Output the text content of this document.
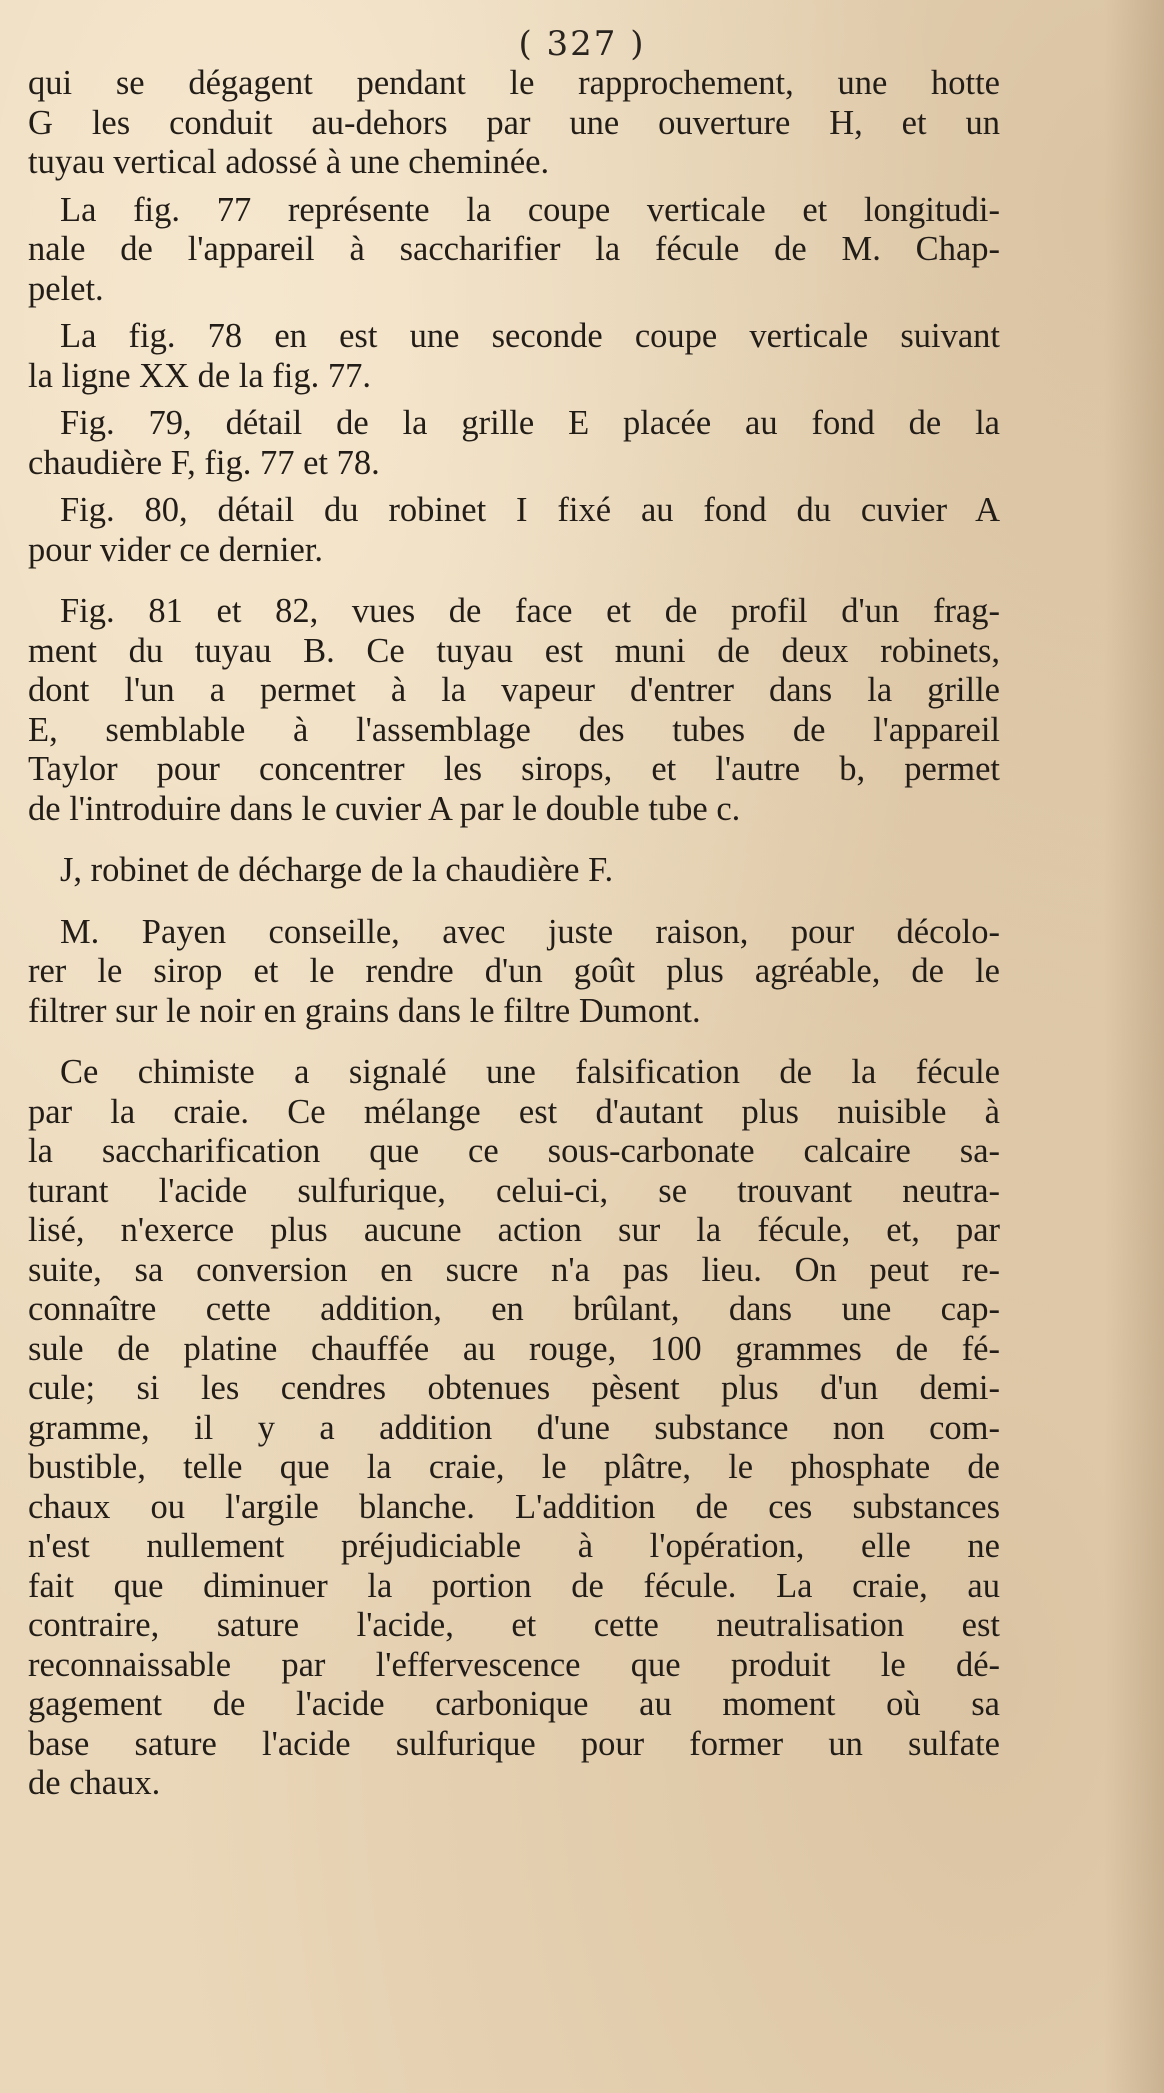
( 327 )

qui se dégagent pendant le rapprochement, une hotte
G les conduit au-dehors par une ouverture H, et un
tuyau vertical adossé à une cheminée.

La fig. 77 représente la coupe verticale et longitudi-
nale de l'appareil à saccharifier la fécule de M. Chap-
pelet.

La fig. 78 en est une seconde coupe verticale suivant
la ligne XX de la fig. 77.

Fig. 79, détail de la grille E placée au fond de la
chaudière F, fig. 77 et 78.

Fig. 80, détail du robinet I fixé au fond du cuvier A
pour vider ce dernier.

Fig. 81 et 82, vues de face et de profil d'un frag-
ment du tuyau B. Ce tuyau est muni de deux robinets,
dont l'un a permet à la vapeur d'entrer dans la grille
E, semblable à l'assemblage des tubes de l'appareil
Taylor pour concentrer les sirops, et l'autre b, permet
de l'introduire dans le cuvier A par le double tube c.

J, robinet de décharge de la chaudière F.

M. Payen conseille, avec juste raison, pour décolo-
rer le sirop et le rendre d'un goût plus agréable, de le
filtrer sur le noir en grains dans le filtre Dumont.

Ce chimiste a signalé une falsification de la fécule
par la craie. Ce mélange est d'autant plus nuisible à
la saccharification que ce sous-carbonate calcaire sa-
turant l'acide sulfurique, celui-ci, se trouvant neutra-
lisé, n'exerce plus aucune action sur la fécule, et, par
suite, sa conversion en sucre n'a pas lieu. On peut re-
connaître cette addition, en brûlant, dans une cap-
sule de platine chauffée au rouge, 100 grammes de fé-
cule; si les cendres obtenues pèsent plus d'un demi-
gramme, il y a addition d'une substance non com-
bustible, telle que la craie, le plâtre, le phosphate de
chaux ou l'argile blanche. L'addition de ces substances
n'est nullement préjudiciable à l'opération, elle ne
fait que diminuer la portion de fécule. La craie, au
contraire, sature l'acide, et cette neutralisation est
reconnaissable par l'effervescence que produit le dé-
gagement de l'acide carbonique au moment où sa
base sature l'acide sulfurique pour former un sulfate
de chaux.
